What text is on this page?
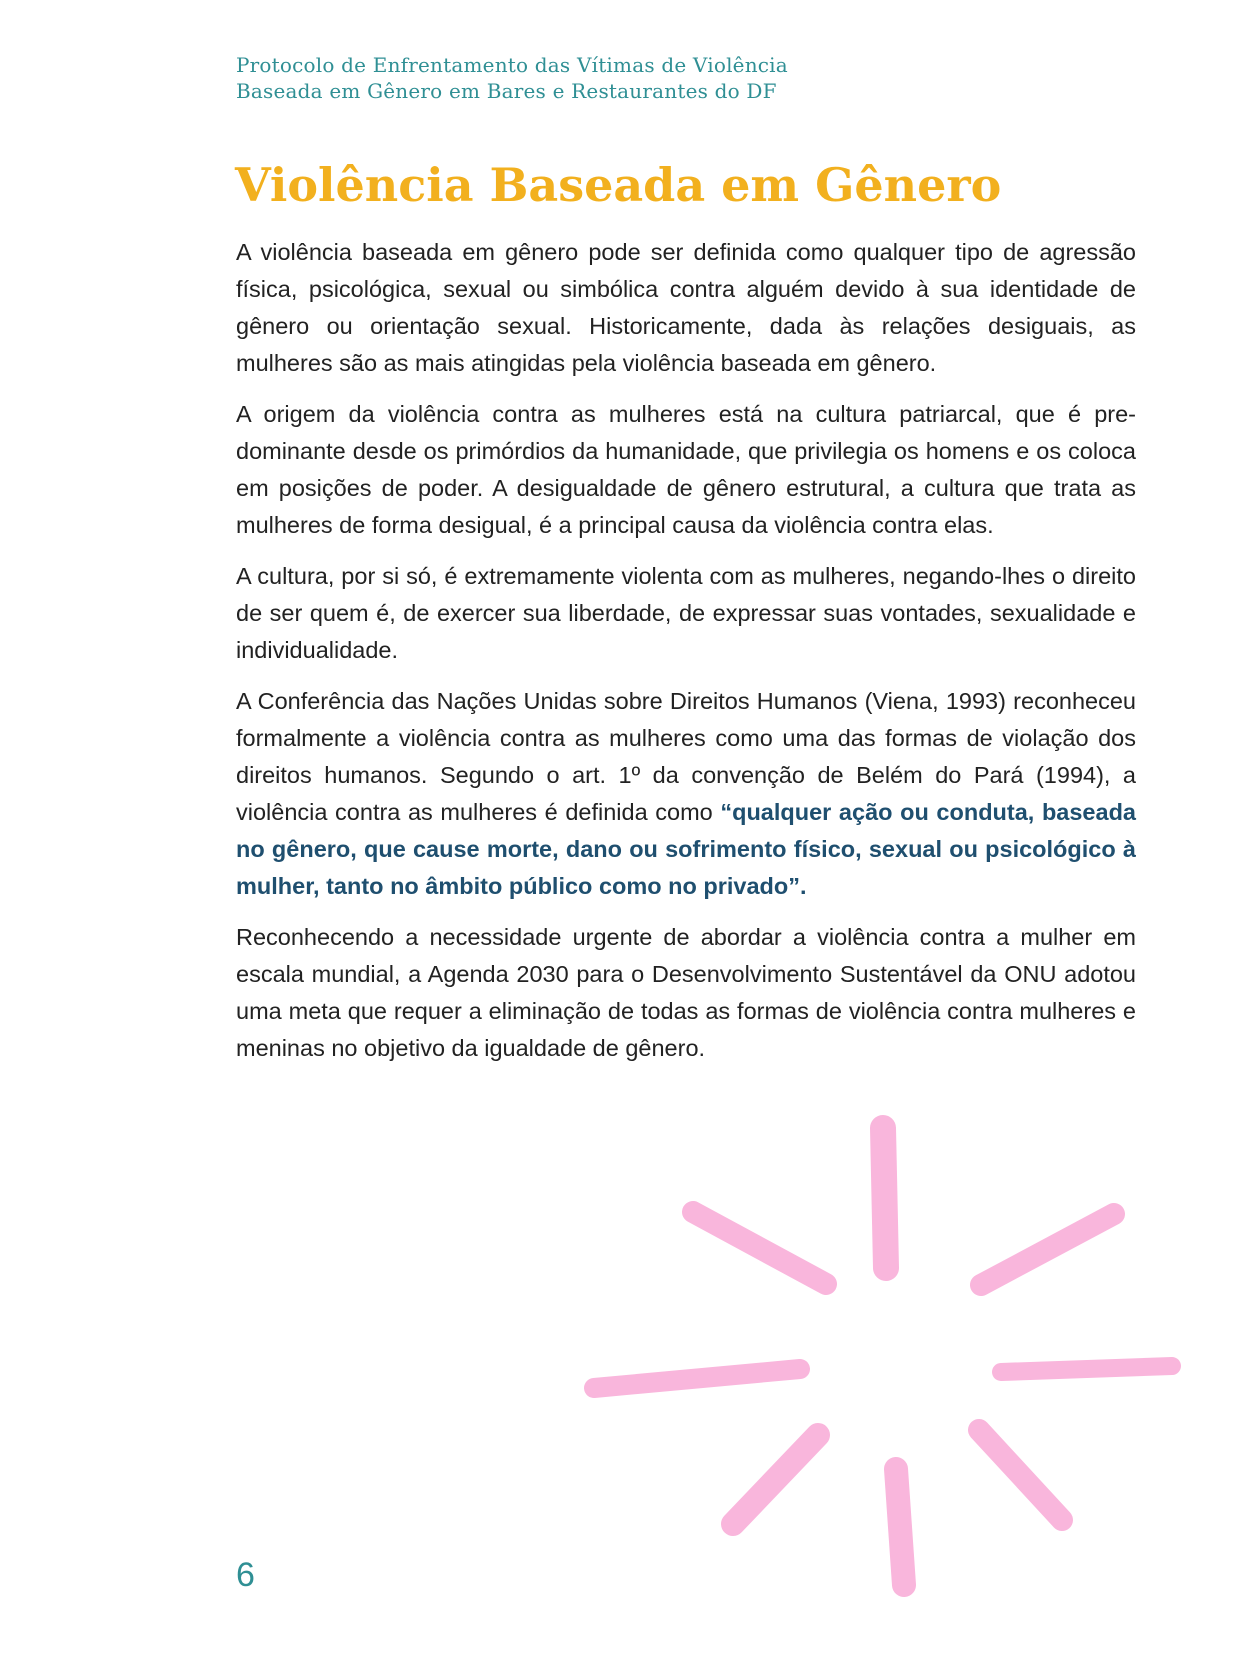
Protocolo de Enfrentamento das Vítimas de Violência
Baseada em Gênero em Bares e Restaurantes do DF
Violência Baseada em Gênero

A violência baseada em gênero pode ser definida como qualquer tipo de agressão física, psicológica, sexual ou simbólica contra alguém devido à sua identidade de gênero ou orientação sexual. Historicamente, dada às relações desiguais, as mulheres são as mais atingidas pela violência baseada em gênero.

A origem da violência contra as mulheres está na cultura patriarcal, que é pre-dominante desde os primórdios da humanidade, que privilegia os homens e os coloca em posições de poder. A desigualdade de gênero estrutural, a cultura que trata as mulheres de forma desigual, é a principal causa da violência contra elas.

A cultura, por si só, é extremamente violenta com as mulheres, negando-lhes o direito de ser quem é, de exercer sua liberdade, de expressar suas vontades, sexualidade e individualidade.

A Conferência das Nações Unidas sobre Direitos Humanos (Viena, 1993) reconheceu formalmente a violência contra as mulheres como uma das formas de violação dos direitos humanos. Segundo o art. 1º da convenção de Belém do Pará (1994), a violência contra as mulheres é definida como “qualquer ação ou conduta, baseada no gênero, que cause morte, dano ou sofrimento físico, sexual ou psicológico à mulher, tanto no âmbito público como no privado”.

Reconhecendo a necessidade urgente de abordar a violência contra a mulher em escala mundial, a Agenda 2030 para o Desenvolvimento Sustentável da ONU adotou uma meta que requer a eliminação de todas as formas de violência contra mulheres e meninas no objetivo da igualdade de gênero.

6
